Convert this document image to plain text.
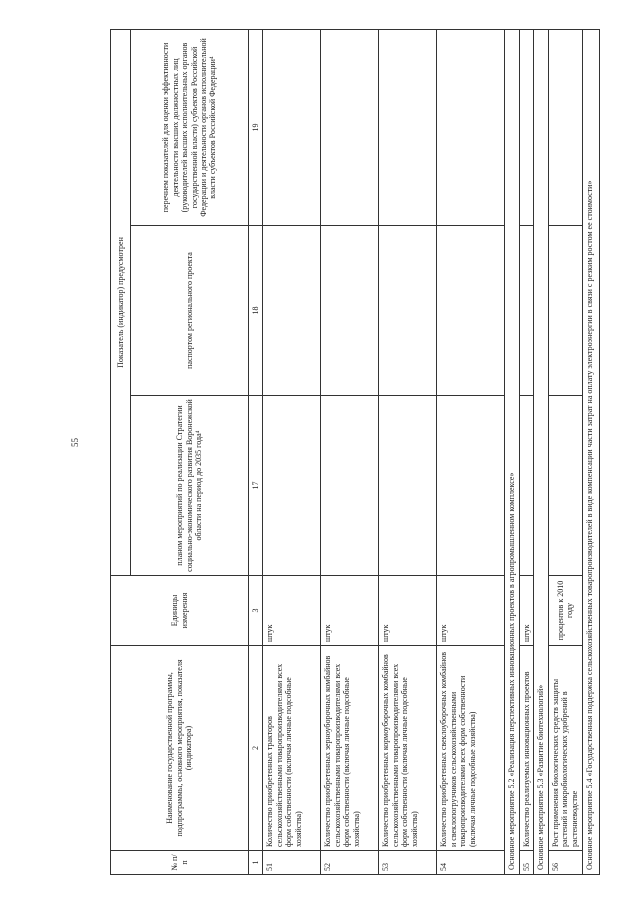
55
№ п/п	Наименование государственной программы, подпрограммы, основного мероприятия, показателя (индикатора)	Единицы измерения	Показатель (индикатор) предусмотрен		
			планом мероприятий по реализации Стратегии социально-экономического развития Воронежской области на период до 2035 года⁴	паспортом регионального проекта	перечнем показателей для оценки эффективности деятельности высших должностных лиц (руководителей высших исполнительных органов государственной власти) субъектов Российской Федерации и деятельности органов исполнительной власти субъектов Российской Федерации⁴
1	2	3	17	18	19
51	Количество приобретенных тракторов сельскохозяйственными товаропроизводителями всех форм собственности (включая личные подсобные хозяйства)	штук			
52	Количество приобретенных зерноуборочных комбайнов сельскохозяйственными товаропроизводителями всех форм собственности (включая личные подсобные хозяйства)	штук			
53	Количество приобретенных кормоуборочных комбайнов сельскохозяйственными товаропроизводителями всех форм собственности (включая личные подсобные хозяйства)	штук			
54	Количество приобретенных свеклоуборочных комбайнов и свеклопогрузчиков сельскохозяйственными товаропроизводителями всех форм собственности (включая личные подсобные хозяйства)	штук			
Основное мероприятие 5.2 «Реализация перспективных инновационных проектов в агропромышленном комплексе»					
55	Количество реализуемых инновационных проектов	штук			
Основное мероприятие 5.3 «Развитие биотехнологий»					
56	Рост применения биологических средств защиты растений и микробиологических удобрений в растениеводстве	процентов к 2010 году			
Основное мероприятие 5.4 «Государственная поддержка сельскохозяйственных товаропроизводителей в виде компенсации части затрат на оплату электроэнергии в связи с резким ростом ее стоимости»					
